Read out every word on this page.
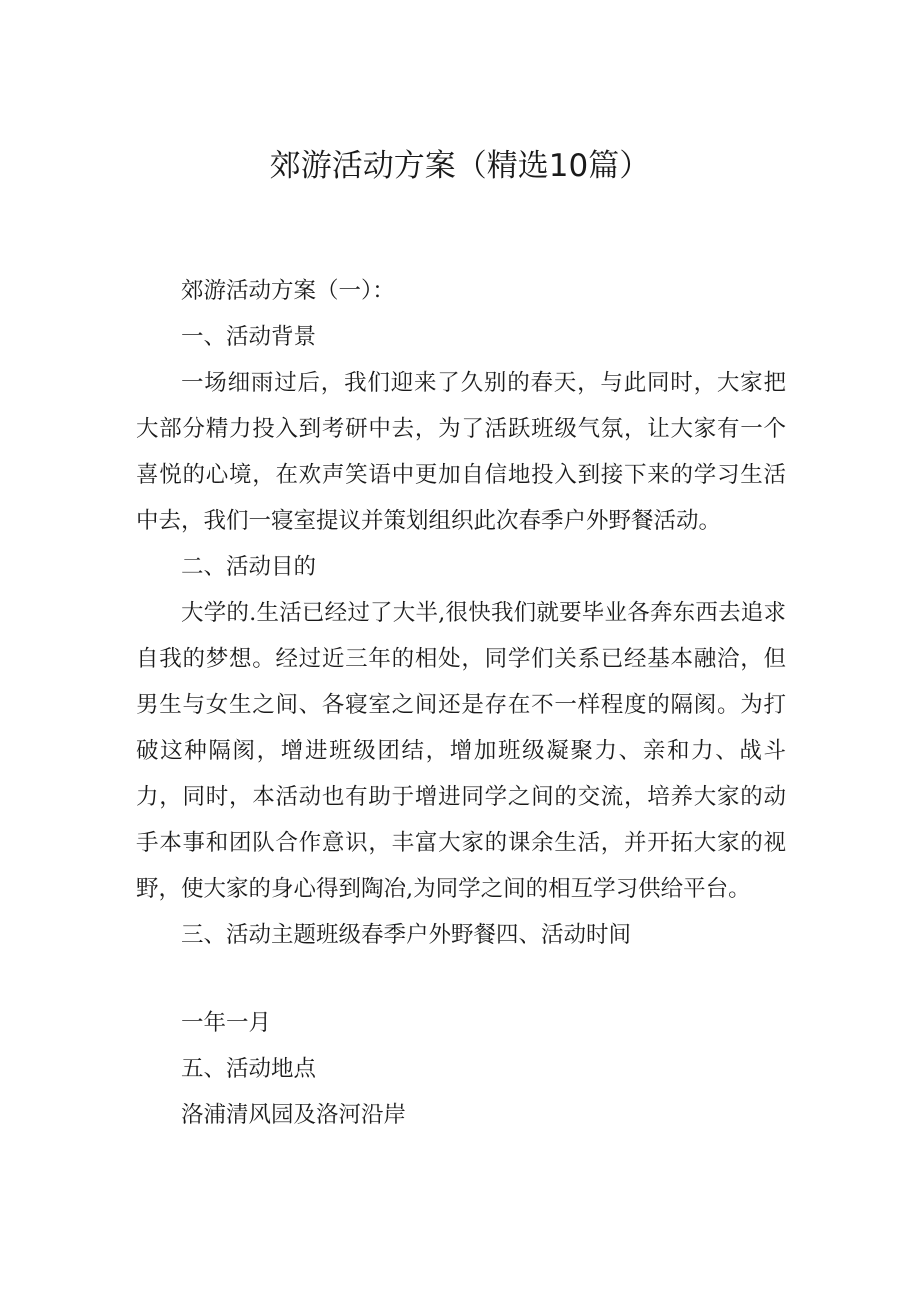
郊游活动方案（精选10篇）

郊游活动方案（一）：

一、活动背景

一场细雨过后，我们迎来了久别的春天，与此同时，大家把大部分精力投入到考研中去，为了活跃班级气氛，让大家有一个喜悦的心境，在欢声笑语中更加自信地投入到接下来的学习生活中去，我们一寝室提议并策划组织此次春季户外野餐活动。

二、活动目的

大学的.生活已经过了大半,很快我们就要毕业各奔东西去追求自我的梦想。经过近三年的相处，同学们关系已经基本融洽，但男生与女生之间、各寝室之间还是存在不一样程度的隔阂。为打破这种隔阂，增进班级团结，增加班级凝聚力、亲和力、战斗力，同时，本活动也有助于增进同学之间的交流，培养大家的动手本事和团队合作意识，丰富大家的课余生活，并开拓大家的视野，使大家的身心得到陶冶,为同学之间的相互学习供给平台。

三、活动主题班级春季户外野餐四、活动时间

一年一月

五、活动地点

洛浦清风园及洛河沿岸
